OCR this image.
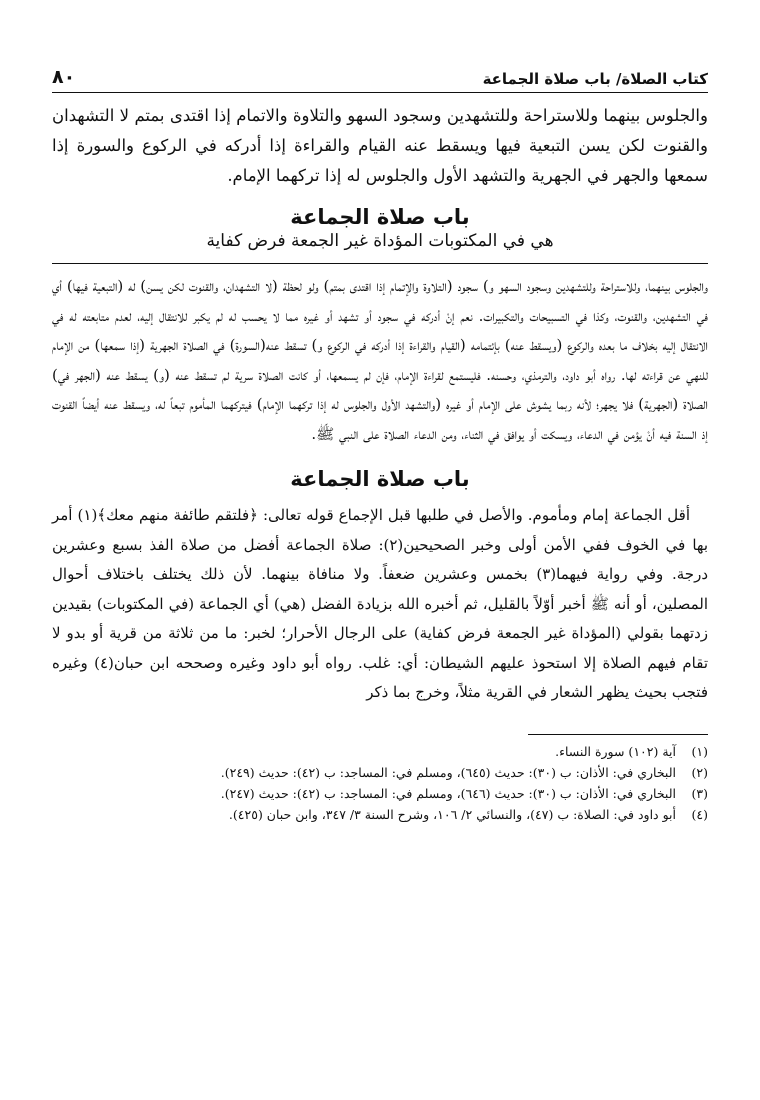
كتاب الصلاة/ باب صلاة الجماعة
٨٠

والجلوس بينهما وللاستراحة وللتشهدين وسجود السهو والتلاوة والاتمام إذا اقتدى بمتم لا التشهدان والقنوت لكن يسن التبعية فيها ويسقط عنه القيام والقراءة إذا أدركه في الركوع والسورة إذا سمعها والجهر في الجهرية والتشهد الأول والجلوس له إذا تركهما الإمام.

باب صلاة الجماعة
هي في المكتوبات المؤداة غير الجمعة فرض كفاية

والجلوس بينهما، وللاستراحة وللتشهدين وسجود السهو و) سجود (التلاوة والإتمام إذا اقتدى بمتم) ولو لحظة (لا التشهدان، والقنوت لكن يسن) له (التبعية فيها) أي في التشهدين، والقنوت، وكذا في التسبيحات والتكبيرات. نعم إنْ أدركه في سجود أو تشهد أو غيره مما لا يحسب له لم يكبر للانتقال إليه، لعدم متابعته له في الانتقال إليه بخلاف ما بعده والركوع (ويسقط عنه) بإئتمامه (القيام والقراءة إذا أدركه في الركوع و) تسقط عنه(السورة) في الصلاة الجهرية (إذا سمعها) من الإمام للنهي عن قراءته لها. رواه أبو داود، والترمذي، وحسنه. فليستمع لقراءة الإمام، فإن لم يسمعها، أو كانت الصلاة سرية لم تسقط عنه (و) يسقط عنه (الجهر في) الصلاة (الجهرية) فلا يجهر؛ لأنه ربما يشوش على الإمام أو غيره (والتشهد الأول والجلوس له إذا تركهما الإمام) فيتركهما المأموم تبعاً له، ويسقط عنه أيضاً القنوت إذ السنة فيه أنْ يؤمن في الدعاء، ويسكت أو يوافق في الثناء، ومن الدعاء الصلاة على النبي ﷺ.

باب صلاة الجماعة

أقل الجماعة إمام ومأموم. والأصل في طلبها قبل الإجماع قوله تعالى: ﴿فلتقم طائفة منهم معك﴾(١) أمر بها في الخوف ففي الأمن أولى وخبر الصحيحين(٢): صلاة الجماعة أفضل من صلاة الفذ بسبع وعشرين درجة. وفي رواية فيهما(٣) بخمس وعشرين ضعفاً. ولا منافاة بينهما. لأن ذلك يختلف باختلاف أحوال المصلين، أو أنه ﷺ أخبر أوّلاً بالقليل، ثم أخبره الله بزيادة الفضل (هي) أي الجماعة (في المكتوبات) بقيدين زدتهما بقولي (المؤداة غير الجمعة فرض كفاية) على الرجال الأحرار؛ لخبر: ما من ثلاثة من قرية أو بدو لا تقام فيهم الصلاة إلا استحوذ عليهم الشيطان: أي: غلب. رواه أبو داود وغيره وصححه ابن حبان(٤) وغيره فتجب بحيث يظهر الشعار في القرية مثلاً، وخرج بما ذكر

(١)
آية (١٠٢) سورة النساء.
(٢)
البخاري في: الأذان: ب (٣٠): حديث (٦٤٥)، ومسلم في: المساجد: ب (٤٢): حديث (٢٤٩).
(٣)
البخاري في: الأذان: ب (٣٠): حديث (٦٤٦)، ومسلم في: المساجد: ب (٤٢): حديث (٢٤٧).
(٤)
أبو داود في: الصلاة: ب (٤٧)، والنسائي ٢/ ١٠٦، وشرح السنة ٣/ ٣٤٧، وابن حبان (٤٢٥).
